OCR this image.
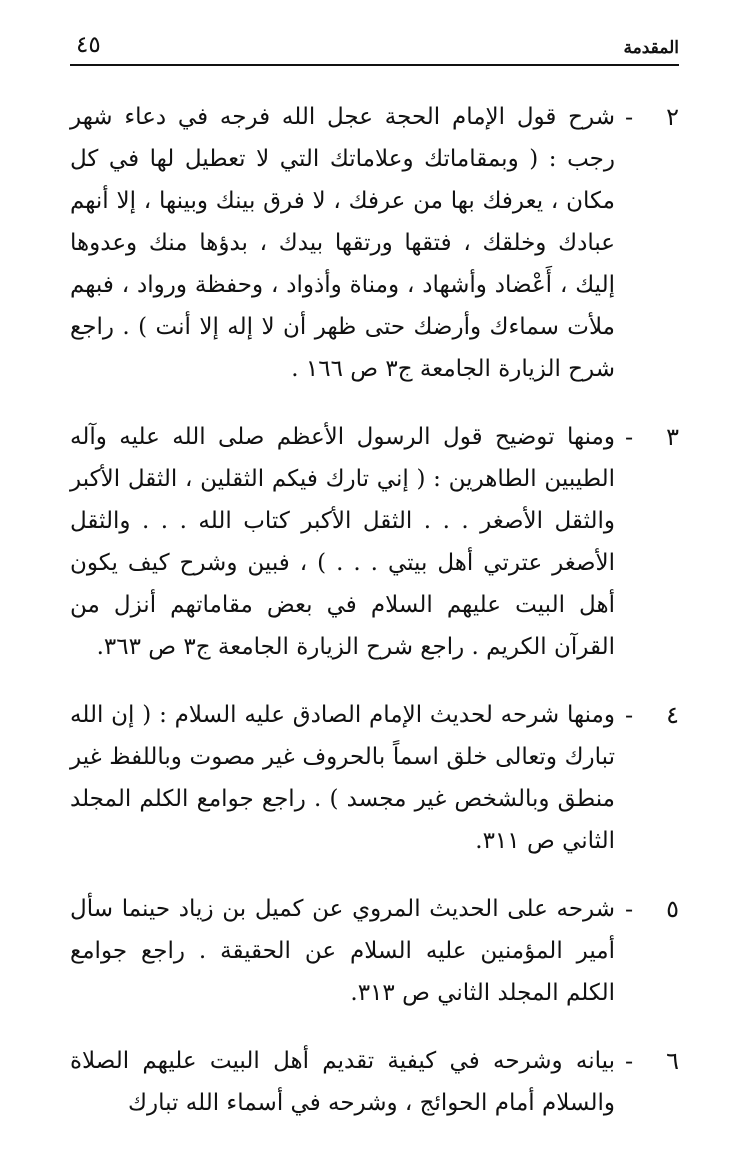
٤٥	المقدمة
٢
-
شرح قول الإمام الحجة عجل الله فرجه في دعاء شهر رجب : ( وبمقاماتك وعلاماتك التي لا تعطيل لها في كل مكان ، يعرفك بها من عرفك ، لا فرق بينك وبينها ، إلا أنهم عبادك وخلقك ، فتقها ورتقها بيدك ، بدؤها منك وعدوها إليك ، أَعْضاد وأشهاد ، ومناة وأذواد ، وحفظة ورواد ، فبهم ملأت سماءك وأرضك حتى ظهر أن لا إله إلا أنت ) . راجع شرح الزيارة الجامعة ج٣ ص ١٦٦ .
٣
-
ومنها توضيح قول الرسول الأعظم صلى الله عليه وآله الطيبين الطاهرين : ( إني تارك فيكم الثقلين ، الثقل الأكبر والثقل الأصغر . . . الثقل الأكبر كتاب الله . . . والثقل الأصغر عترتي أهل بيتي . . . ) ، فبين وشرح كيف يكون أهل البيت عليهم السلام في بعض مقاماتهم أنزل من القرآن الكريم . راجع شرح الزيارة الجامعة ج٣ ص ٣٦٣.
٤
-
ومنها شرحه لحديث الإمام الصادق عليه السلام : ( إن الله تبارك وتعالى خلق اسماً بالحروف غير مصوت وباللفظ غير منطق وبالشخص غير مجسد ) . راجع جوامع الكلم المجلد الثاني ص ٣١١.
٥
-
شرحه على الحديث المروي عن كميل بن زياد حينما سأل أمير المؤمنين عليه السلام عن الحقيقة . راجع جوامع الكلم المجلد الثاني ص ٣١٣.
٦
-
بيانه وشرحه في كيفية تقديم أهل البيت عليهم الصلاة والسلام أمام الحوائج ، وشرحه في أسماء الله تبارك
